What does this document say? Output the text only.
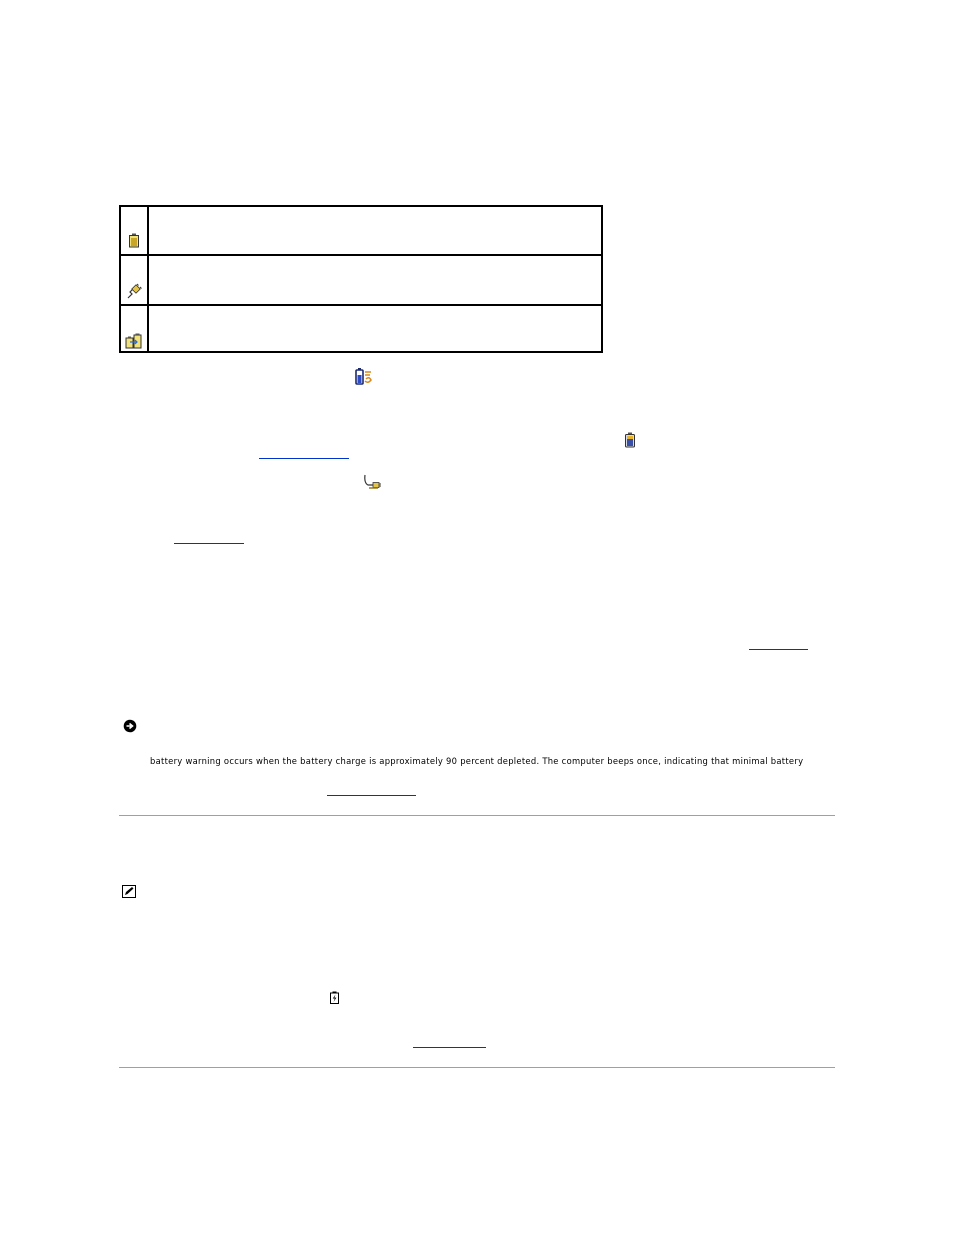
battery warning occurs when the battery charge is approximately 90 percent depleted. The computer beeps once, indicating that minimal battery
